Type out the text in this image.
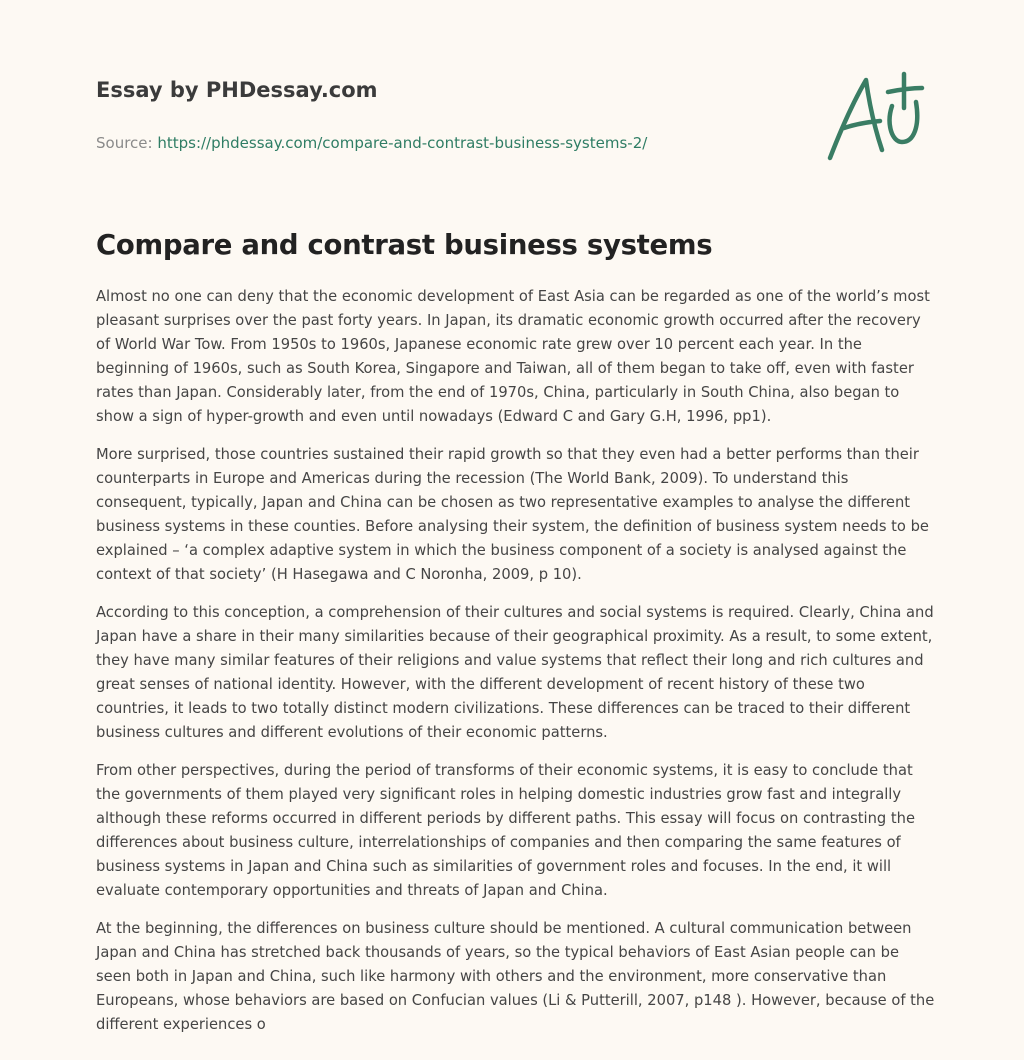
Essay by PHDessay.com
Source: https://phdessay.com/compare-and-contrast-business-systems-2/
Compare and contrast business systems

Almost no one can deny that the economic development of East Asia can be regarded as one of the world’s most pleasant surprises over the past forty years. In Japan, its dramatic economic growth occurred after the recovery of World War Tow. From 1950s to 1960s, Japanese economic rate grew over 10 percent each year. In the beginning of 1960s, such as South Korea, Singapore and Taiwan, all of them began to take off, even with faster rates than Japan. Considerably later, from the end of 1970s, China, particularly in South China, also began to show a sign of hyper-growth and even until nowadays (Edward C and Gary G.H, 1996, pp1).

More surprised, those countries sustained their rapid growth so that they even had a better performs than their counterparts in Europe and Americas during the recession (The World Bank, 2009). To understand this consequent, typically, Japan and China can be chosen as two representative examples to analyse the different business systems in these counties. Before analysing their system, the definition of business system needs to be explained – ‘a complex adaptive system in which the business component of a society is analysed against the context of that society’ (H Hasegawa and C Noronha, 2009, p 10).

According to this conception, a comprehension of their cultures and social systems is required. Clearly, China and Japan have a share in their many similarities because of their geographical proximity. As a result, to some extent, they have many similar features of their religions and value systems that reflect their long and rich cultures and great senses of national identity. However, with the different development of recent history of these two countries, it leads to two totally distinct modern civilizations. These differences can be traced to their different business cultures and different evolutions of their economic patterns.

From other perspectives, during the period of transforms of their economic systems, it is easy to conclude that the governments of them played very significant roles in helping domestic industries grow fast and integrally although these reforms occurred in different periods by different paths. This essay will focus on contrasting the differences about business culture, interrelationships of companies and then comparing the same features of business systems in Japan and China such as similarities of government roles and focuses. In the end, it will evaluate contemporary opportunities and threats of Japan and China.

At the beginning, the differences on business culture should be mentioned. A cultural communication between Japan and China has stretched back thousands of years, so the typical behaviors of East Asian people can be seen both in Japan and China, such like harmony with others and the environment, more conservative than Europeans, whose behaviors are based on Confucian values (Li & Putterill, 2007, p148 ). However, because of the different experiences o
